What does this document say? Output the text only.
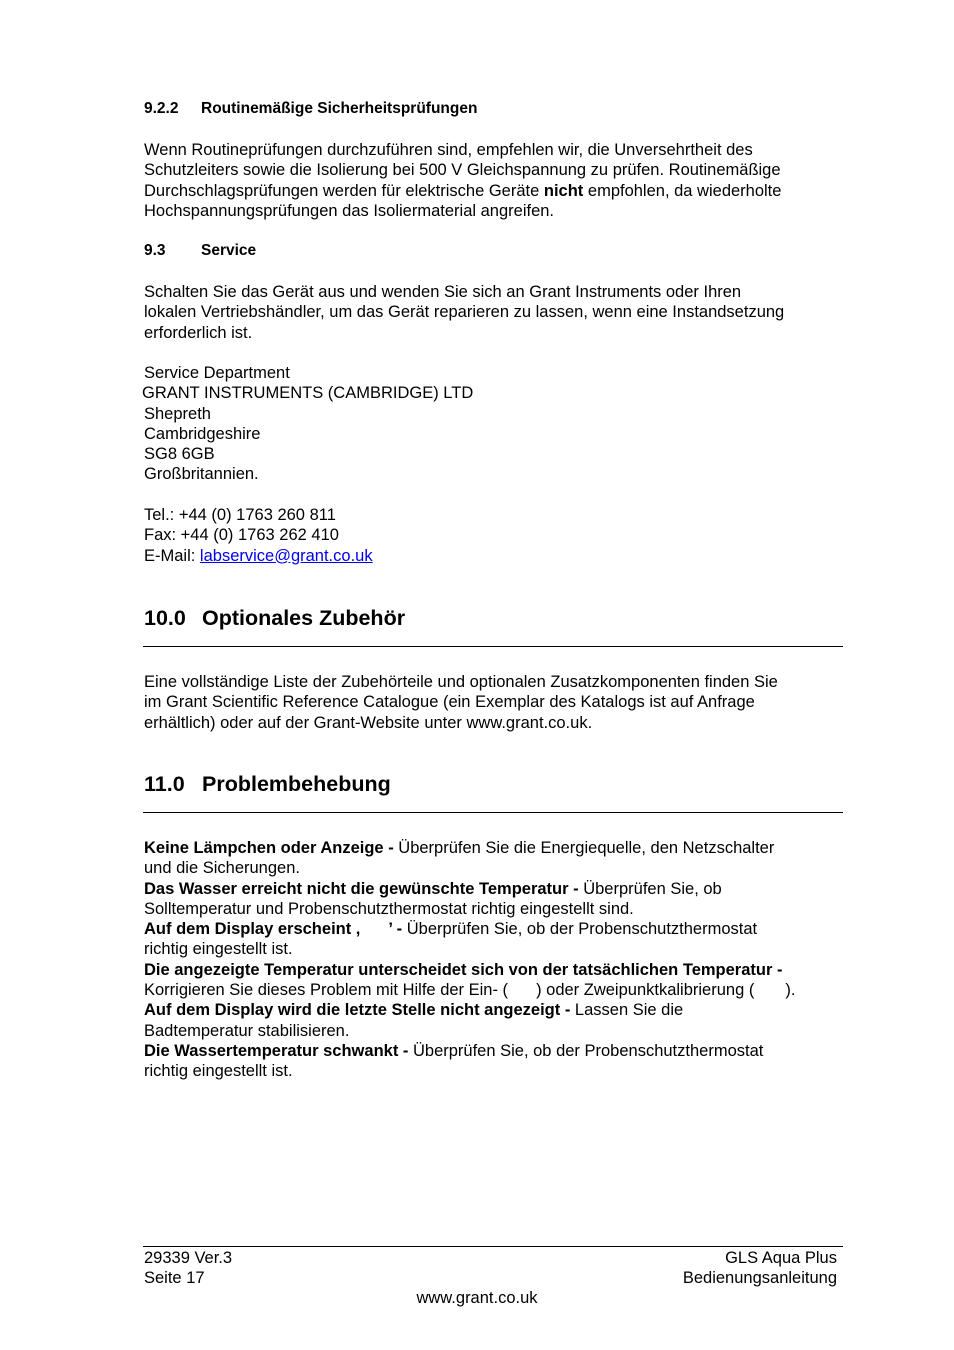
9.2.2 Routinemäßige Sicherheitsprüfungen

Wenn Routineprüfungen durchzuführen sind, empfehlen wir, die Unversehrtheit des

Schutzleiters sowie die Isolierung bei 500 V Gleichspannung zu prüfen. Routinemäßige

Durchschlagsprüfungen werden für elektrische Geräte nicht empfohlen, da wiederholte

Hochspannungsprüfungen das Isoliermaterial angreifen.

9.3 Service

Schalten Sie das Gerät aus und wenden Sie sich an Grant Instruments oder Ihren

lokalen Vertriebshändler, um das Gerät reparieren zu lassen, wenn eine Instandsetzung

erforderlich ist.

Service Department

GRANT INSTRUMENTS (CAMBRIDGE) LTD

Shepreth

Cambridgeshire

SG8 6GB

Großbritannien.

Tel.: +44 (0) 1763 260 811

Fax: +44 (0) 1763 262 410

E-Mail: labservice@grant.co.uk

10.0 Optionales Zubehör

Eine vollständige Liste der Zubehörteile und optionalen Zusatzkomponenten finden Sie

im Grant Scientific Reference Catalogue (ein Exemplar des Katalogs ist auf Anfrage

erhältlich) oder auf der Grant-Website unter www.grant.co.uk.

11.0 Problembehebung

Keine Lämpchen oder Anzeige - Überprüfen Sie die Energiequelle, den Netzschalter

und die Sicherungen.

Das Wasser erreicht nicht die gewünschte Temperatur - Überprüfen Sie, ob

Solltemperatur und Probenschutzthermostat richtig eingestellt sind.

Auf dem Display erscheint , ’ - Überprüfen Sie, ob der Probenschutzthermostat

richtig eingestellt ist.

Die angezeigte Temperatur unterscheidet sich von der tatsächlichen Temperatur -

Korrigieren Sie dieses Problem mit Hilfe der Ein- ( ) oder Zweipunktkalibrierung ( ).

Auf dem Display wird die letzte Stelle nicht angezeigt - Lassen Sie die

Badtemperatur stabilisieren.

Die Wassertemperatur schwankt - Überprüfen Sie, ob der Probenschutzthermostat

richtig eingestellt ist.

29339 Ver.3
Seite 17
GLS Aqua Plus
Bedienungsanleitung
www.grant.co.uk
